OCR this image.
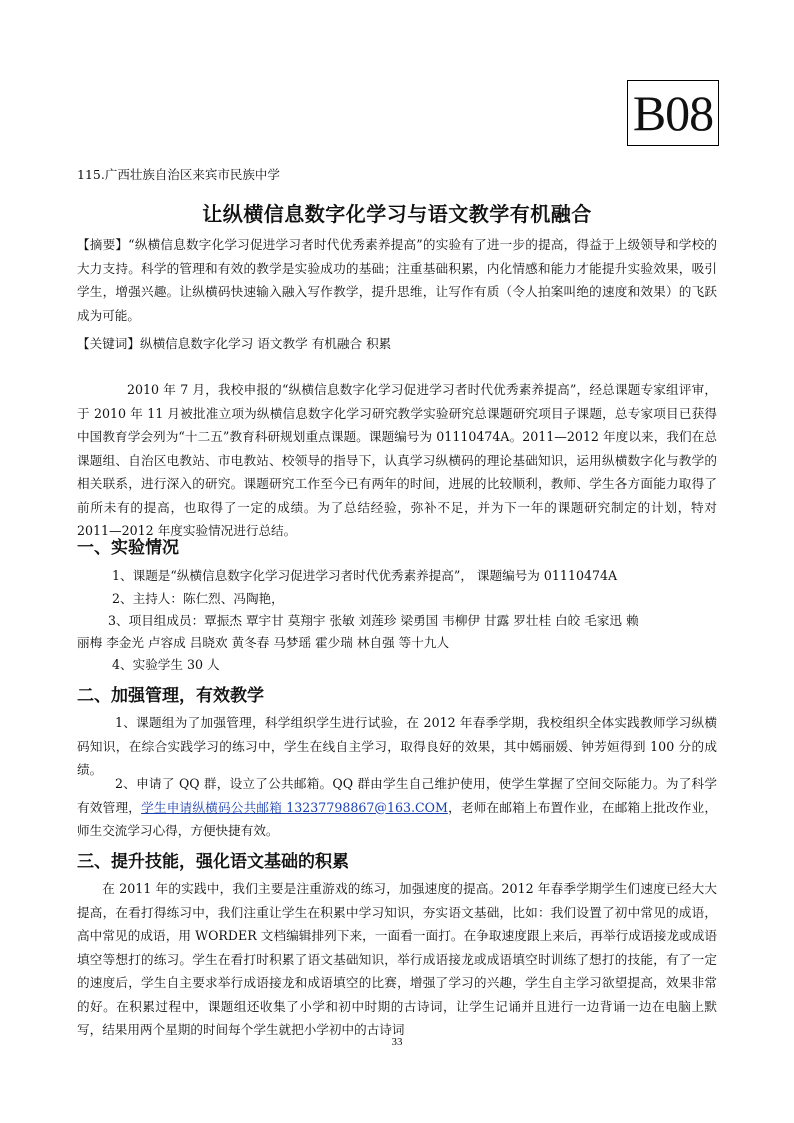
B08
115.广西壮族自治区来宾市民族中学
让纵横信息数字化学习与语文教学有机融合
【摘要】“纵横信息数字化学习促进学习者时代优秀素养提高”的实验有了进一步的提高，得益于上级领导和学校的大力支持。科学的管理和有效的教学是实验成功的基础；注重基础积累，内化情感和能力才能提升实验效果，吸引学生，增强兴趣。让纵横码快速输入融入写作教学，提升思维，让写作有质（令人拍案叫绝的速度和效果）的飞跃成为可能。
【关键词】纵横信息数字化学习 语文教学 有机融合 积累
2010 年 7 月，我校申报的“纵横信息数字化学习促进学习者时代优秀素养提高”，经总课题专家组评审，于 2010 年 11 月被批准立项为纵横信息数字化学习研究教学实验研究总课题研究项目子课题，总专家项目已获得中国教育学会列为“十二五”教育科研规划重点课题。课题编号为 01110474A。2011—2012 年度以来，我们在总课题组、自治区电教站、市电教站、校领导的指导下，认真学习纵横码的理论基础知识，运用纵横数字化与教学的相关联系，进行深入的研究。课题研究工作至今已有两年的时间，进展的比较顺利，教师、学生各方面能力取得了前所未有的提高，也取得了一定的成绩。为了总结经验，弥补不足，并为下一年的课题研究制定的计划，特对 2011—2012 年度实验情况进行总结。
一、实验情况
1、课题是“纵横信息数字化学习促进学习者时代优秀素养提高”， 课题编号为 01110474A
2、主持人：陈仁烈、冯陶艳，
3、项目组成员：覃振杰 覃宇甘 莫翔宇 张敏 刘莲珍 梁勇国 韦柳伊 甘露 罗壮桂 白皎 毛家迅 赖
丽梅 李金光 卢容成 吕晓欢 黄冬春 马梦瑶 霍少瑞 林自强 等十九人
4、实验学生 30 人
二、加强管理，有效教学
1、课题组为了加强管理，科学组织学生进行试验，在 2012 年春季学期，我校组织全体实践教师学习纵横码知识，在综合实践学习的练习中，学生在线自主学习，取得良好的效果，其中嫣丽媛、钟芳姮得到 100 分的成绩。
2、申请了 QQ 群，设立了公共邮箱。QQ 群由学生自己维护使用，使学生掌握了空间交际能力。为了科学有效管理，学生申请纵横码公共邮箱 13237798867@163.COM，老师在邮箱上布置作业，在邮箱上批改作业，师生交流学习心得，方便快捷有效。
三、提升技能，强化语文基础的积累
在 2011 年的实践中，我们主要是注重游戏的练习，加强速度的提高。2012 年春季学期学生们速度已经大大提高，在看打得练习中，我们注重让学生在积累中学习知识，夯实语文基础，比如：我们设置了初中常见的成语，高中常见的成语，用 WORDER 文档编辑排列下来，一面看一面打。在争取速度跟上来后，再举行成语接龙或成语填空等想打的练习。学生在看打时积累了语文基础知识，举行成语接龙或成语填空时训练了想打的技能，有了一定的速度后，学生自主要求举行成语接龙和成语填空的比赛，增强了学习的兴趣，学生自主学习欲望提高，效果非常的好。在积累过程中，课题组还收集了小学和初中时期的古诗词，让学生记诵并且进行一边背诵一边在电脑上默写，结果用两个星期的时间每个学生就把小学初中的古诗词
33
